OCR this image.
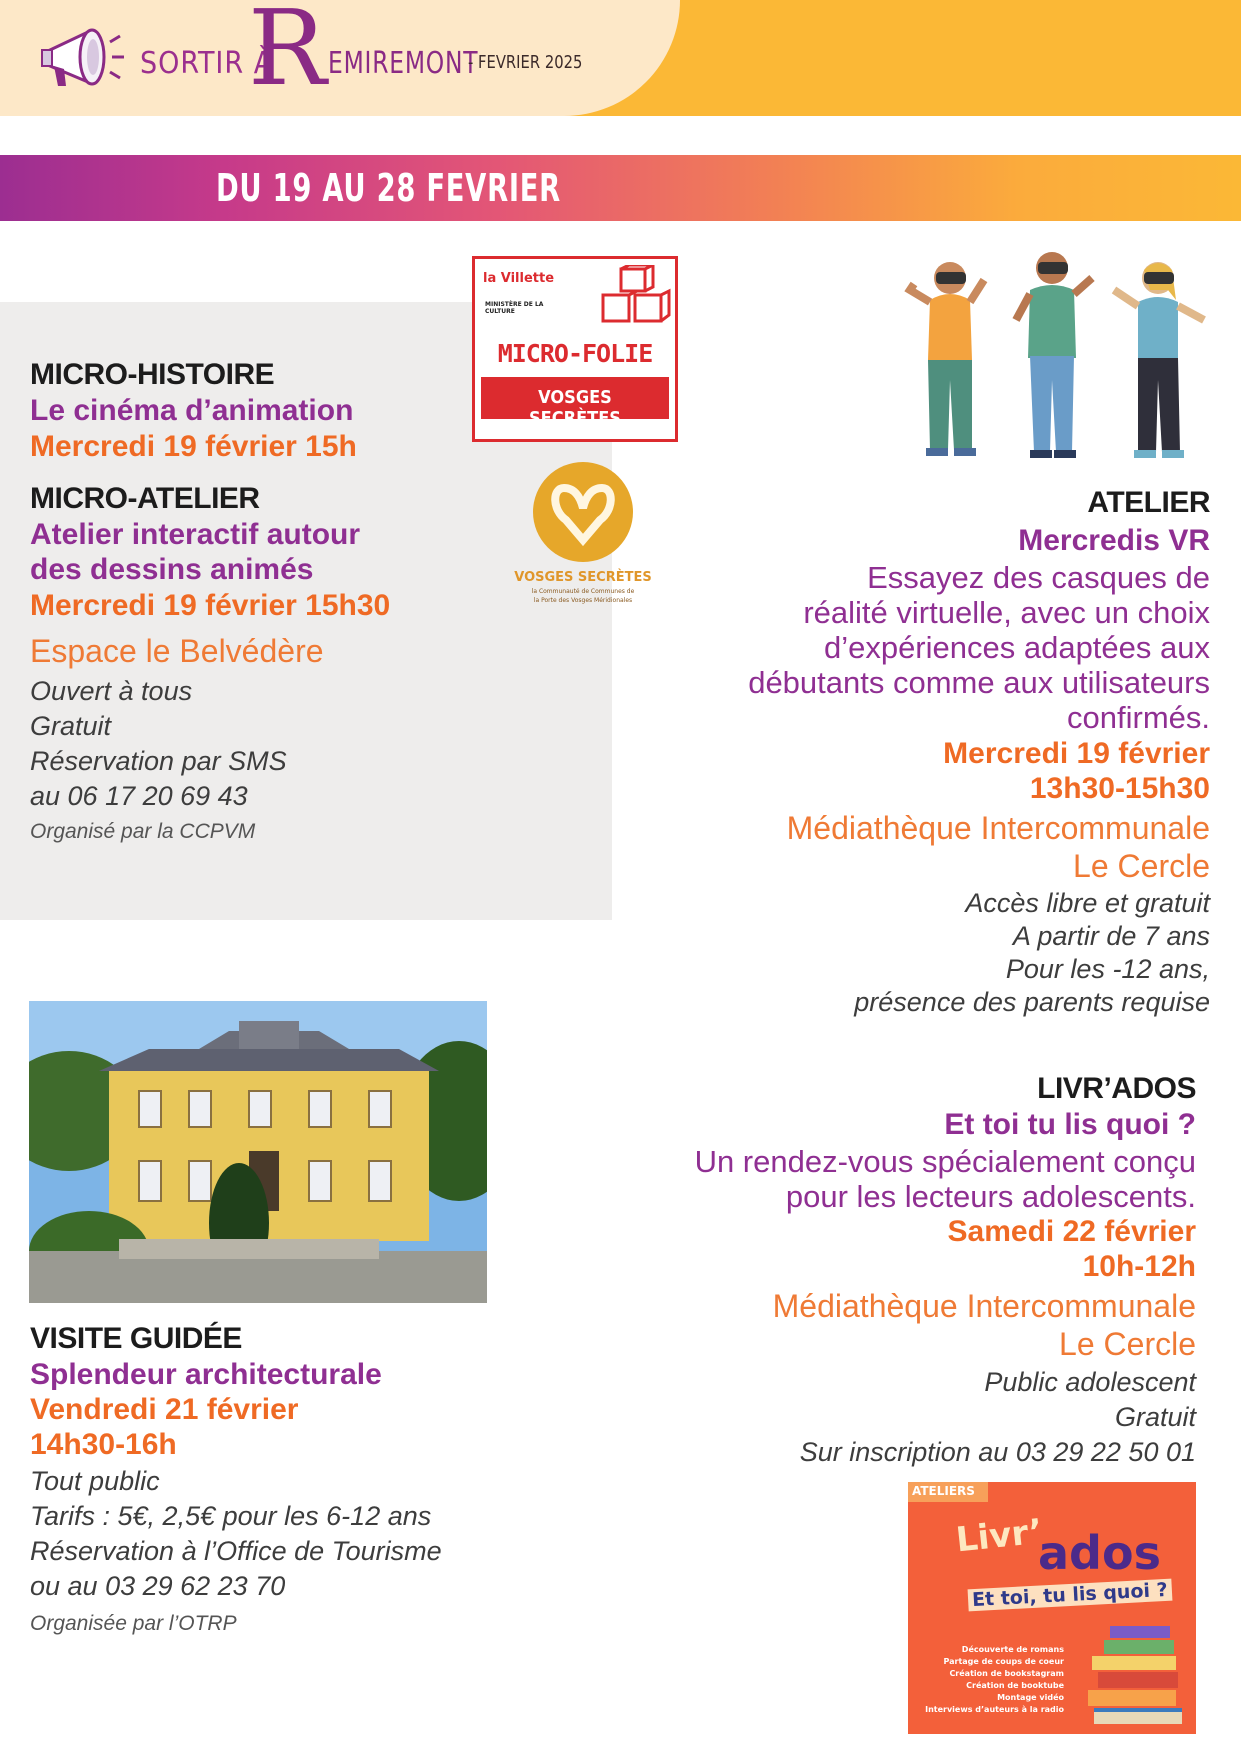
SORTIR À
R EMIREMONT
- FEVRIER 2025
DU 19 AU 28 FEVRIER
MICRO-HISTOIRE
Le cinéma d’animation
Mercredi 19 février 15h
MICRO-ATELIER
Atelier interactif autour
des dessins animés
Mercredi 19 février 15h30
Espace le Belvédère
Ouvert à tous
Gratuit
Réservation par SMS
au 06 17 20 69 43
Organisé par la CCPVM
la Villette
MINISTÈRE DE LA CULTURE
MICRO-FOLIE
VOSGES SECRÈTES
VOSGES SECRÈTES
la Communauté de Communes de
la Porte des Vosges Méridionales
ATELIER
Mercredis VR
Essayez des casques de
réalité virtuelle, avec un choix
d’expériences adaptées aux
débutants comme aux utilisateurs
confirmés.
Mercredi 19 février
13h30-15h30
Médiathèque Intercommunale
Le Cercle
Accès libre et gratuit
A partir de 7 ans
Pour les -12 ans,
présence des parents requise
VISITE GUIDÉE
Splendeur architecturale
Vendredi 21 février
14h30-16h
Tout public
Tarifs : 5€, 2,5€ pour les 6-12 ans
Réservation à l’Office de Tourisme
ou au 03 29 62 23 70
Organisée par l’OTRP
LIVR’ADOS
Et toi tu lis quoi ?
Un rendez-vous spécialement conçu
pour les lecteurs adolescents.
Samedi 22 février
10h-12h
Médiathèque Intercommunale
Le Cercle
Public adolescent
Gratuit
Sur inscription au 03 29 22 50 01
ATELIERS
Livr’
ados
Et toi, tu lis quoi ?
Découverte de romans
Partage de coups de coeur
Création de bookstagram
Création de booktube
Montage vidéo
Interviews d’auteurs à la radio
